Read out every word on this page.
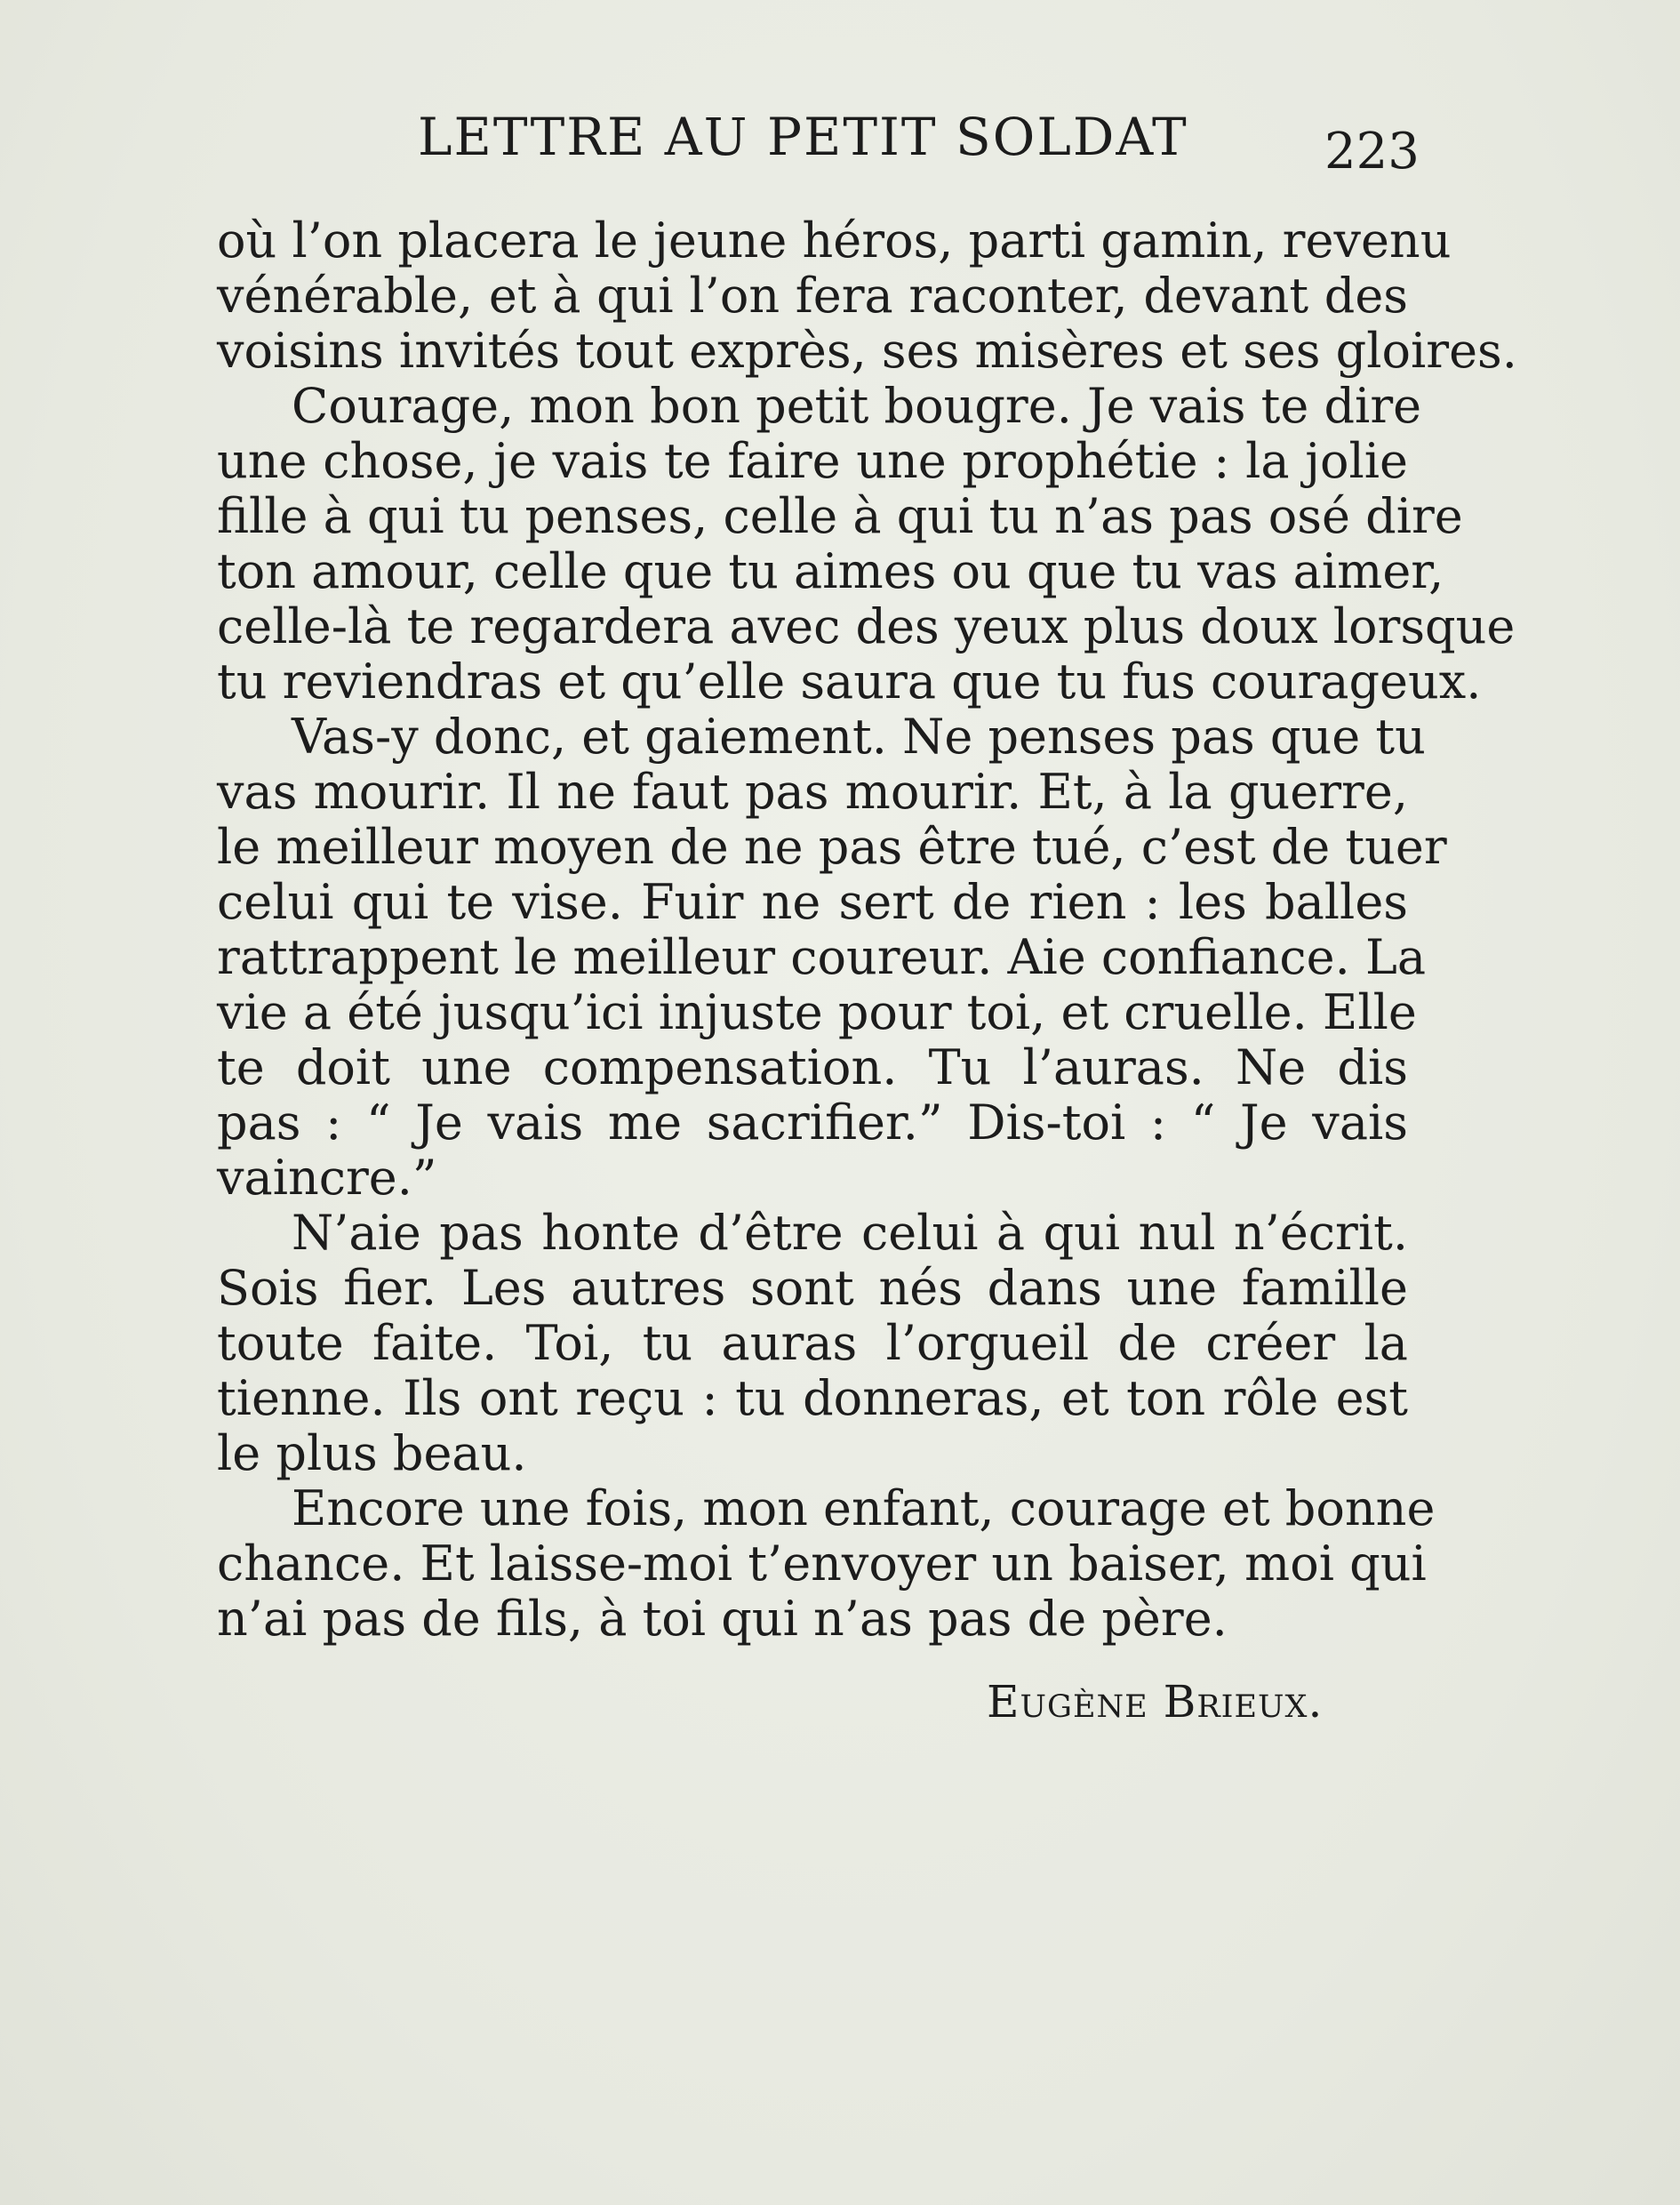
LETTRE AU PETIT SOLDAT	223
où l’on placera le jeune héros, parti gamin, revenu
vénérable, et à qui l’on fera raconter, devant des
voisins invités tout exprès, ses misères et ses gloires.
Courage, mon bon petit bougre. Je vais te dire
une chose, je vais te faire une prophétie : la jolie
fille à qui tu penses, celle à qui tu n’as pas osé dire
ton amour, celle que tu aimes ou que tu vas aimer,
celle-là te regardera avec des yeux plus doux lorsque
tu reviendras et qu’elle saura que tu fus courageux.
Vas-y donc, et gaiement. Ne penses pas que tu
vas mourir. Il ne faut pas mourir. Et, à la guerre,
le meilleur moyen de ne pas être tué, c’est de tuer
celui qui te vise. Fuir ne sert de rien : les balles
rattrappent le meilleur coureur. Aie confiance. La
vie a été jusqu’ici injuste pour toi, et cruelle. Elle
te doit une compensation. Tu l’auras. Ne dis
pas : “ Je vais me sacrifier.” Dis-toi : “ Je vais
vaincre.”
N’aie pas honte d’être celui à qui nul n’écrit.
Sois fier. Les autres sont nés dans une famille
toute faite. Toi, tu auras l’orgueil de créer la
tienne. Ils ont reçu : tu donneras, et ton rôle est
le plus beau.
Encore une fois, mon enfant, courage et bonne
chance. Et laisse-moi t’envoyer un baiser, moi qui
n’ai pas de fils, à toi qui n’as pas de père.
Eugène Brieux.
